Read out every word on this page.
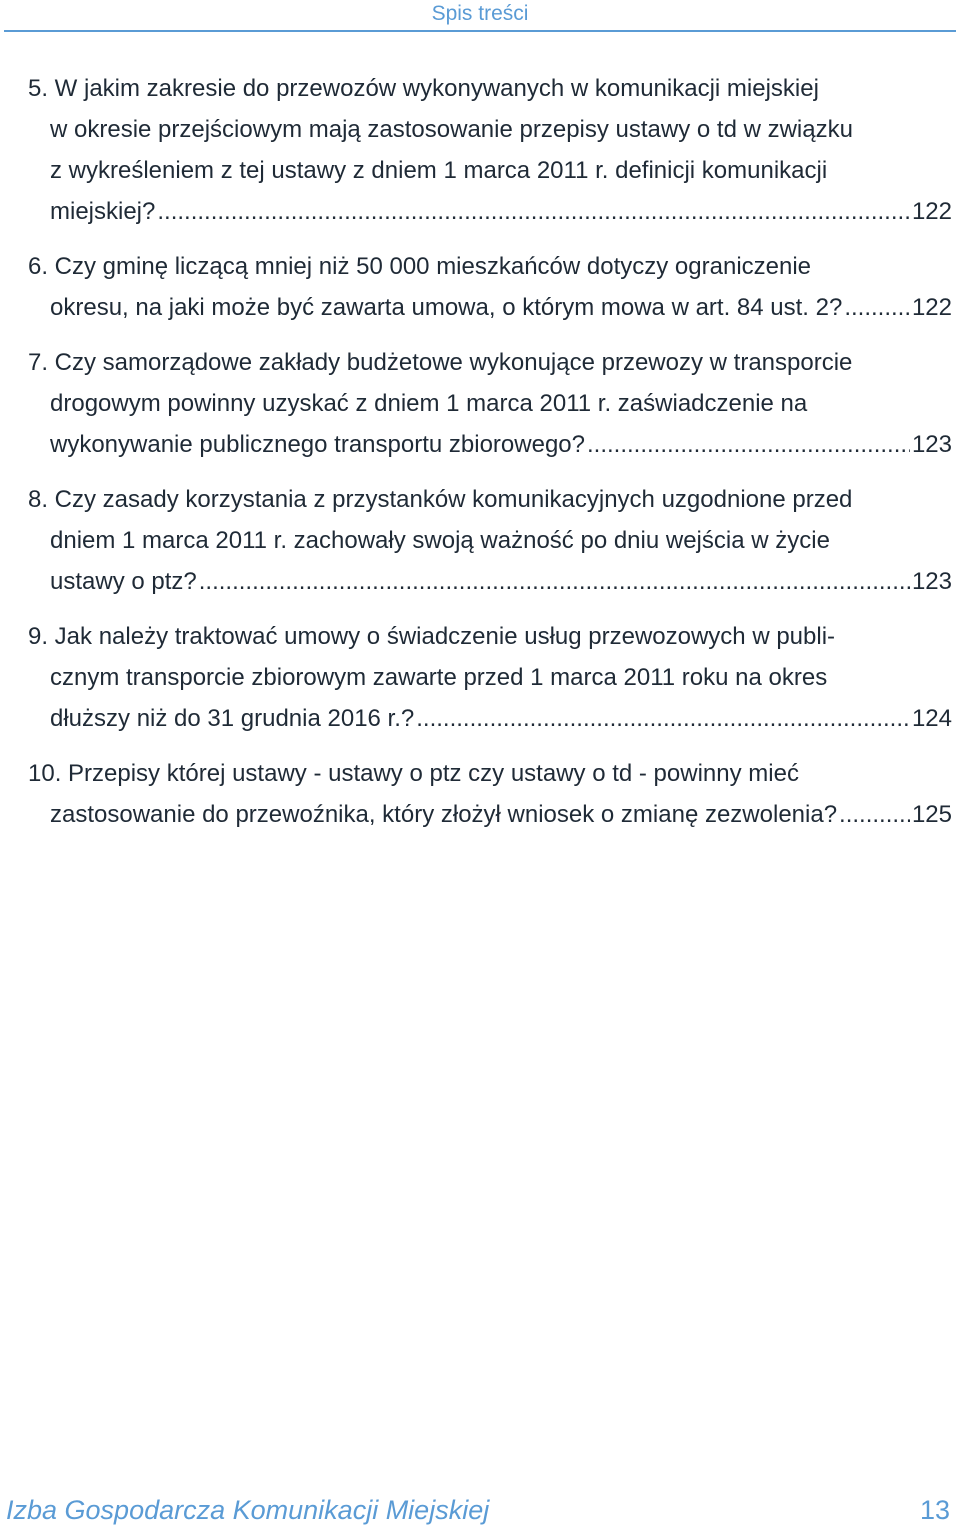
Spis treści
5. W jakim zakresie do przewozów wykonywanych w komunikacji miejskiej
w okresie przejściowym mają zastosowanie przepisy ustawy o td w związku
z wykreśleniem z tej ustawy z dniem 1 marca 2011 r. definicji komunikacji
miejskiej? .....	122
6. Czy gminę liczącą mniej niż 50 000 mieszkańców dotyczy ograniczenie
okresu, na jaki może być zawarta umowa, o którym mowa w art. 84 ust. 2? .....	122
7. Czy samorządowe zakłady budżetowe wykonujące przewozy w transporcie
drogowym powinny uzyskać z dniem 1 marca 2011 r. zaświadczenie na
wykonywanie publicznego transportu zbiorowego? .....	123
8. Czy zasady korzystania z przystanków komunikacyjnych uzgodnione przed
dniem 1 marca 2011 r. zachowały swoją ważność po dniu wejścia w życie
ustawy o ptz? .....	123
9. Jak należy traktować umowy o świadczenie usług przewozowych w publi-
cznym transporcie zbiorowym zawarte przed 1 marca 2011 roku na okres
dłuższy niż do 31 grudnia 2016 r.? .....	124
10. Przepisy której ustawy - ustawy o ptz czy ustawy o td - powinny mieć
zastosowanie do przewoźnika, który złożył wniosek o zmianę zezwolenia? .....	125
Izba Gospodarcza Komunikacji Miejskiej	13
